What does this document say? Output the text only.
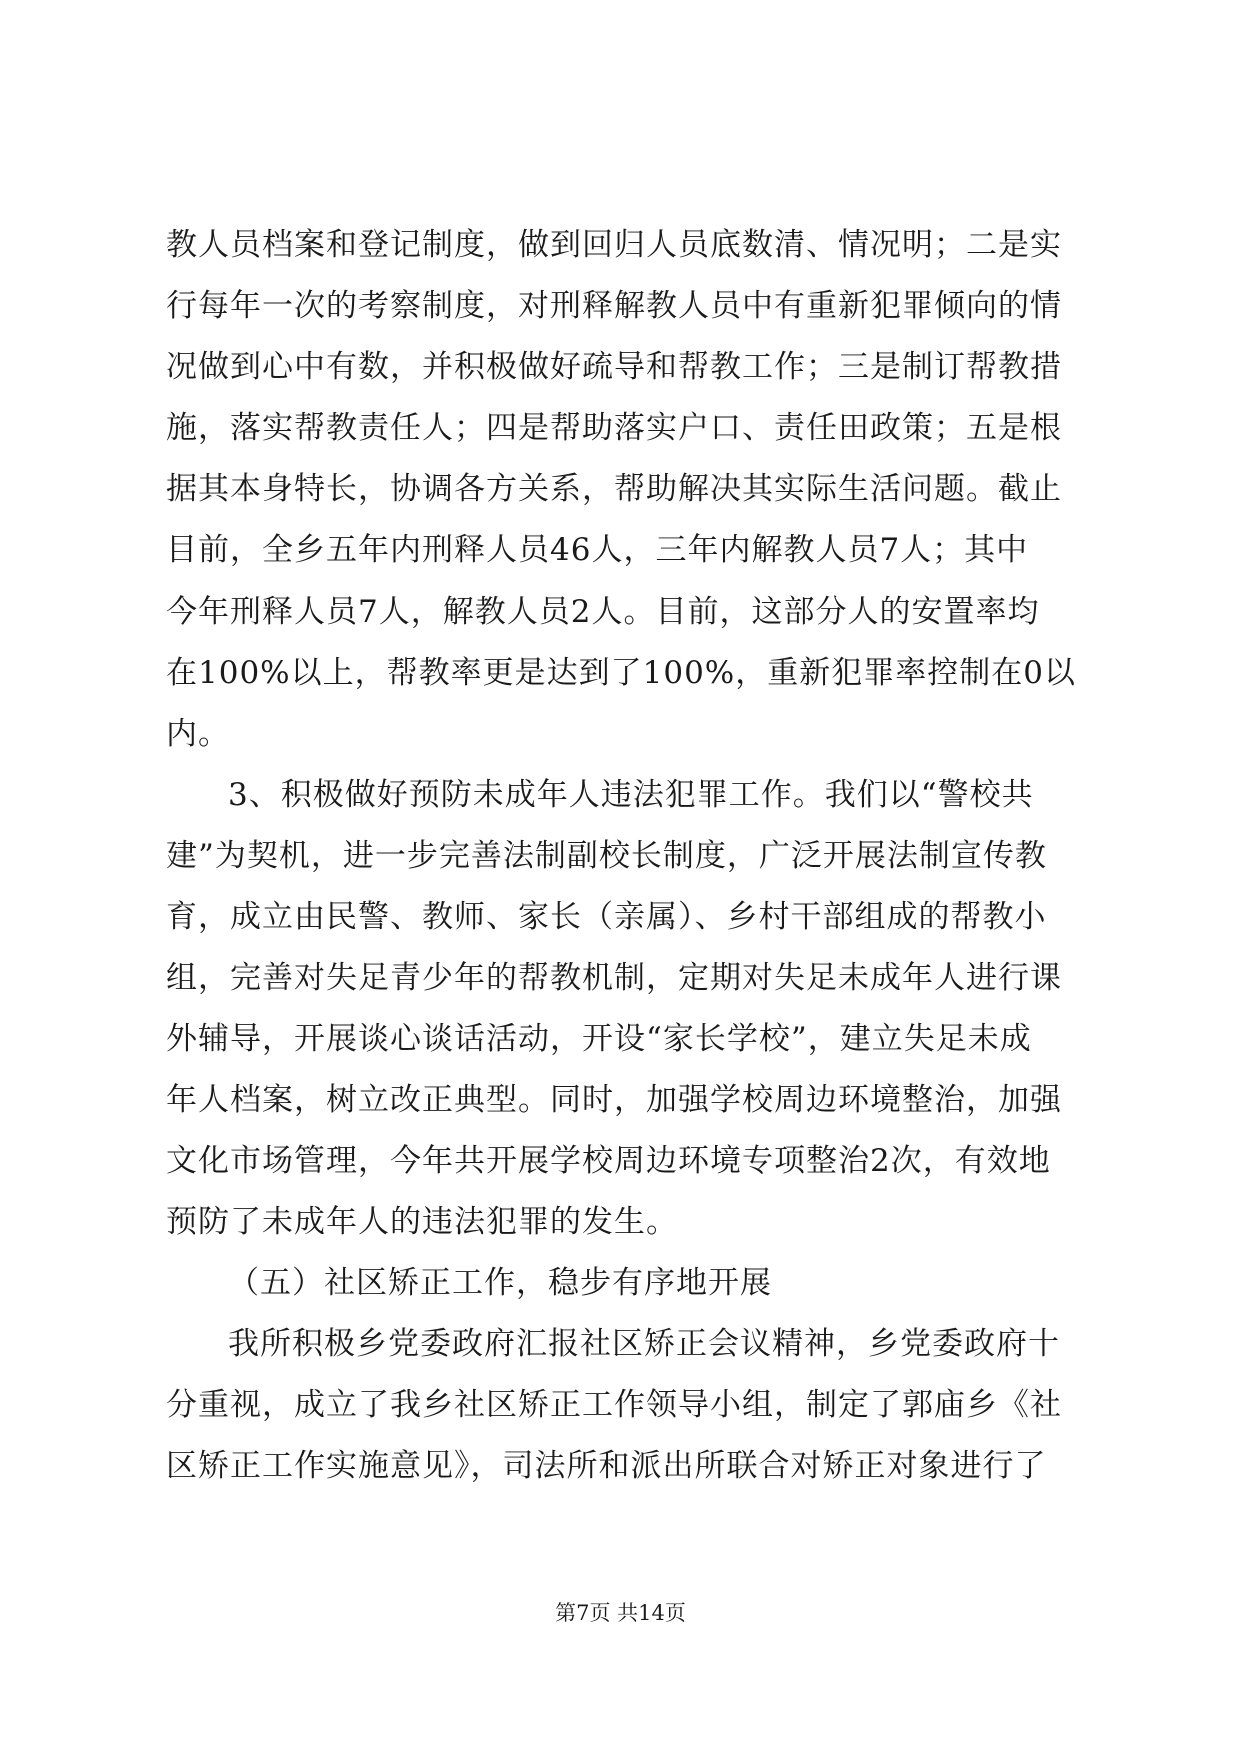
教人员档案和登记制度，做到回归人员底数清、情况明；二是实
行每年一次的考察制度，对刑释解教人员中有重新犯罪倾向的情
况做到心中有数，并积极做好疏导和帮教工作；三是制订帮教措
施，落实帮教责任人；四是帮助落实户口、责任田政策；五是根
据其本身特长，协调各方关系，帮助解决其实际生活问题。截止
目前，全乡五年内刑释人员46人，三年内解教人员7人；其中
今年刑释人员7人，解教人员2人。目前，这部分人的安置率均
在100%以上，帮教率更是达到了100%，重新犯罪率控制在0以
内。
3、积极做好预防未成年人违法犯罪工作。我们以“警校共
建”为契机，进一步完善法制副校长制度，广泛开展法制宣传教
育，成立由民警、教师、家长（亲属）、乡村干部组成的帮教小
组，完善对失足青少年的帮教机制，定期对失足未成年人进行课
外辅导，开展谈心谈话活动，开设“家长学校”，建立失足未成
年人档案，树立改正典型。同时，加强学校周边环境整治，加强
文化市场管理，今年共开展学校周边环境专项整治2次，有效地
预防了未成年人的违法犯罪的发生。
（五）社区矫正工作，稳步有序地开展
我所积极乡党委政府汇报社区矫正会议精神，乡党委政府十
分重视，成立了我乡社区矫正工作领导小组，制定了郭庙乡《社
区矫正工作实施意见》，司法所和派出所联合对矫正对象进行了
第7页 共14页
